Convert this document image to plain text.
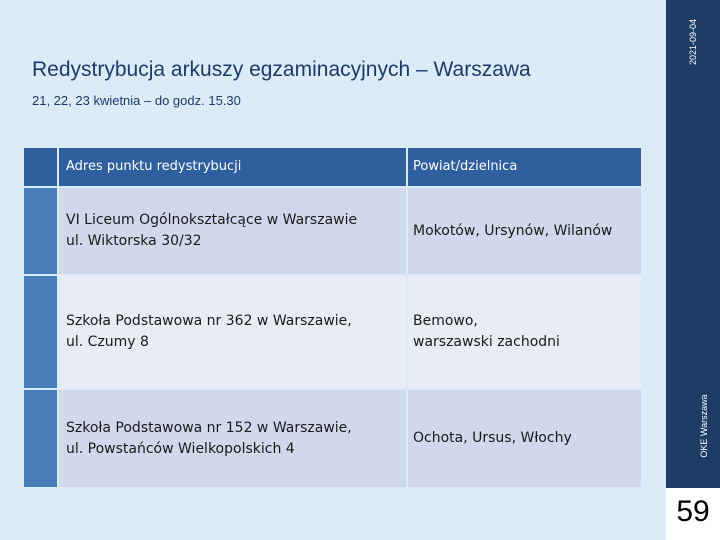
2021-09-04
OKE Warszawa
59
Redystrybucja arkuszy egzaminacyjnych – Warszawa
21, 22, 23 kwietnia – do godz. 15.30
Adres punktu redystrybucji	Powiat/dzielnica
VI Liceum Ogólnokształcące w Warszawie
ul. Wiktorska 30/32
Mokotów, Ursynów, Wilanów
Szkoła Podstawowa nr 362 w Warszawie,
ul. Czumy 8
Bemowo,
warszawski zachodni
Szkoła Podstawowa nr 152 w Warszawie,
ul. Powstańców Wielkopolskich 4
Ochota, Ursus, Włochy
